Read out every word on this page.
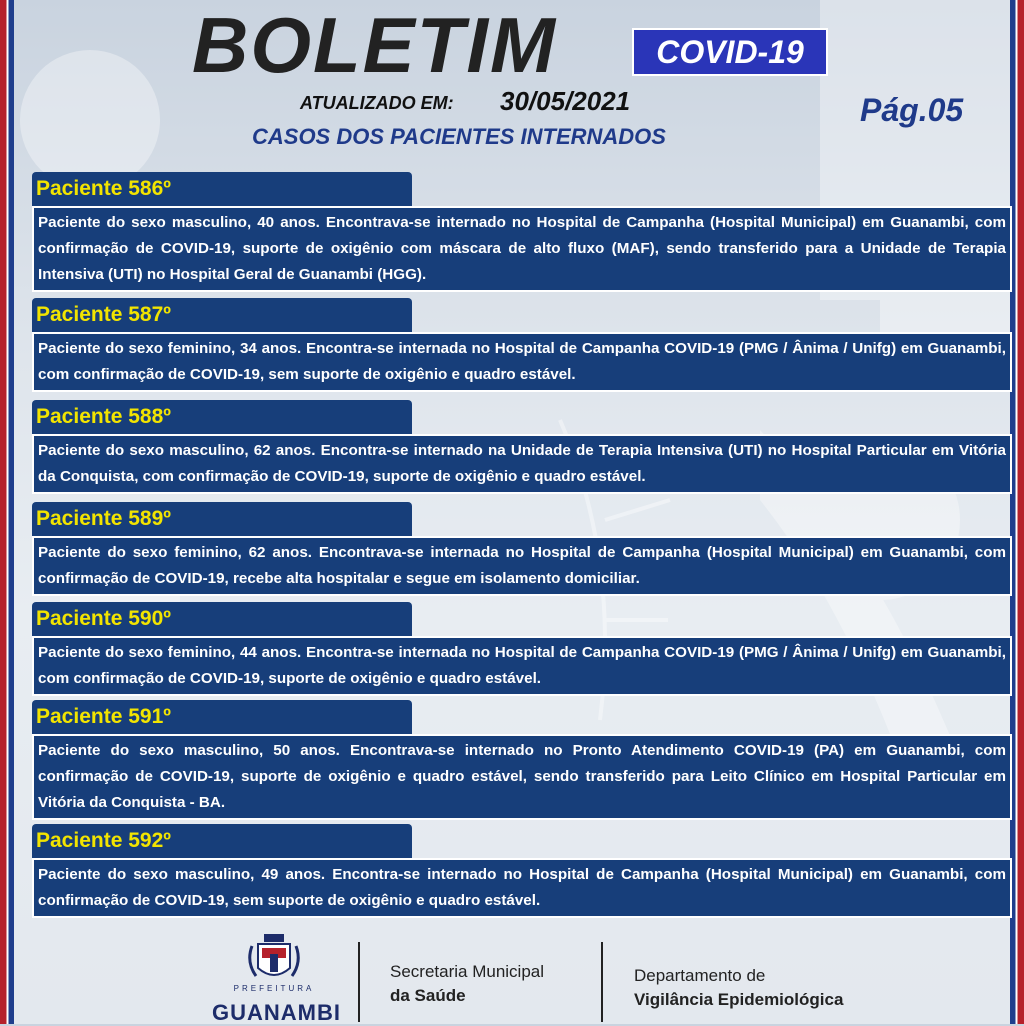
BOLETIM	COVID-19
ATUALIZADO EM: 30/05/2021	Pág.05
CASOS DOS PACIENTES INTERNADOS
Paciente 586º
Paciente do sexo masculino, 40 anos. Encontrava-se internado no Hospital de Campanha (Hospital Municipal) em Guanambi, com confirmação de COVID-19, suporte de oxigênio com máscara de alto fluxo (MAF), sendo transferido para a Unidade de Terapia Intensiva (UTI) no Hospital Geral de Guanambi (HGG).
Paciente 587º
Paciente do sexo feminino, 34 anos. Encontra-se internada no Hospital de Campanha COVID-19 (PMG / Ânima / Unifg) em Guanambi, com confirmação de COVID-19, sem suporte de oxigênio e quadro estável.
Paciente 588º
Paciente do sexo masculino, 62 anos. Encontra-se internado na Unidade de Terapia Intensiva (UTI) no Hospital Particular em Vitória da Conquista, com confirmação de COVID-19, suporte de oxigênio e quadro estável.
Paciente 589º
Paciente do sexo feminino, 62 anos. Encontrava-se internada no Hospital de Campanha (Hospital Municipal) em Guanambi, com confirmação de COVID-19, recebe alta hospitalar e segue em isolamento domiciliar.
Paciente 590º
Paciente do sexo feminino, 44 anos. Encontra-se internada no Hospital de Campanha COVID-19 (PMG / Ânima / Unifg) em Guanambi, com confirmação de COVID-19, suporte de oxigênio e quadro estável.
Paciente 591º
Paciente do sexo masculino, 50 anos. Encontrava-se internado no Pronto Atendimento COVID-19 (PA) em Guanambi, com confirmação de COVID-19, suporte de oxigênio e quadro estável, sendo transferido para Leito Clínico em Hospital Particular em Vitória da Conquista - BA.
Paciente 592º
Paciente do sexo masculino, 49 anos. Encontra-se internado no Hospital de Campanha (Hospital Municipal) em Guanambi, com confirmação de COVID-19, sem suporte de oxigênio e quadro estável.
PREFEITURA
GUANAMBI
Secretaria Municipal
da Saúde
Departamento de
Vigilância Epidemiológica
